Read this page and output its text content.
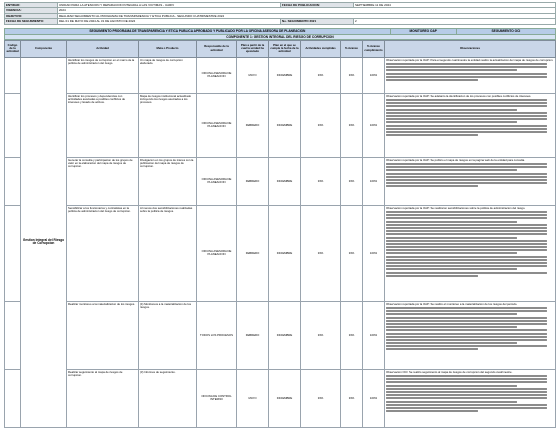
ENTIDAD:	UNIDAD PARA LA ATENCION Y REPARACION INTEGRAL A LAS VICTIMAS - UARIV	FECHA DE PUBLICACION:	SEPTIEMBRE 11 DE 2024
VIGENCIA:	2024		
OBJETIVO:	REALIZAR SEGUIMIENTO AL PROGRAMA DE TRANSPARENCIA Y ETICA PUBLICA - SEGUNDO CUATRIMESTRE 2024		
FECHA DE SEGUIMIENTO:	DEL 01 DE MAYO DE 2024 AL 31 DE AGOSTO DE 2024	No. SEGUIMIENTO 2021	2
SEGUIMIENTO PROGRAMA DE TRANSPARENCIA Y ETICA PUBLICA APROBADO Y PUBLICADO POR LA OFICINA ASESORA DE PLANEACION	MONITOREO OAP	SEGUIMIENTO OCI
COMPONENTE 1: GESTION INTEGRAL DEL RIESGO DE CORRUPCION
Codigo de la actividad	Componente	Actividad	Meta o Producto	Responsable de la actividad	Plan a partir de la cual la unidad ha ejecutado	Plan en el que se cumple la fecha de la actividad	Actividades cumplidas	% Avance	% Avance cumplimiento	Observaciones
	Gestion Integral del Riesgo de Corrupcion	Identificar los riesgos de corrupcion en el marco de la politica de administracion del riesgo.	Un mapa de riesgos de corrupcion elaborado.	OFICINA ASESORA DE PLANEACION	MAYO	DICIEMBRE	33%	33%	100%	Observacion reportada por la OAP: Para el segundo cuatrimestre la entidad realizo la actualizacion del mapa de riesgos de corrupcion.

		Identificar los procesos y dependencias con actividades asociadas a posibles conflictos de intereses y lavado de activos.	Mapa de riesgos institucional actualizado incluyendo los riesgos asociados a los procesos.	OFICINA ASESORA DE PLANEACION	FEBRERO	DICIEMBRE	33%	33%	100%	Observacion reportada por la OAP: Se adelanto la identificacion de los procesos con posibles conflictos de intereses.

		Generar la consulta y participacion de los grupos de valor en la elaboracion del mapa de riesgos de corrupcion.	Divulgacion en los grupos de interes con la publicacion del mapa de riesgos de corrupcion.	OFICINA ASESORA DE PLANEACION	FEBRERO	DICIEMBRE	33%	33%	100%	Observacion reportada por la OAP: Se publico el mapa de riesgos en la pagina web de la entidad para consulta.

		Sensibilizar a los funcionarios y contratistas en la politica de administracion del riesgo de corrupcion.	Al menos dos sensibilizaciones realizadas sobre la politica de riesgos.	OFICINA ASESORA DE PLANEACION	FEBRERO	DICIEMBRE	33%	33%	100%	Observacion reportada por la OAP: Se realizaron sensibilizaciones sobre la politica de administracion del riesgo.

		Realizar monitoreo a la materializacion de los riesgos.	(4) Monitoreos a la materializacion de los riesgos.	TODOS LOS PROCESOS	FEBRERO	DICIEMBRE	33%	33%	100%	Observacion reportada por la OAP: Se realizo el monitoreo a la materializacion de los riesgos del periodo.

		Realizar seguimiento al mapa de riesgos de corrupcion.	(3) Informes de seguimiento.	OFICINA DE CONTROL INTERNO	MAYO	DICIEMBRE	33%	33%	100%	Observacion OCI: Se realizo seguimiento al mapa de riesgos de corrupcion del segundo cuatrimestre.
